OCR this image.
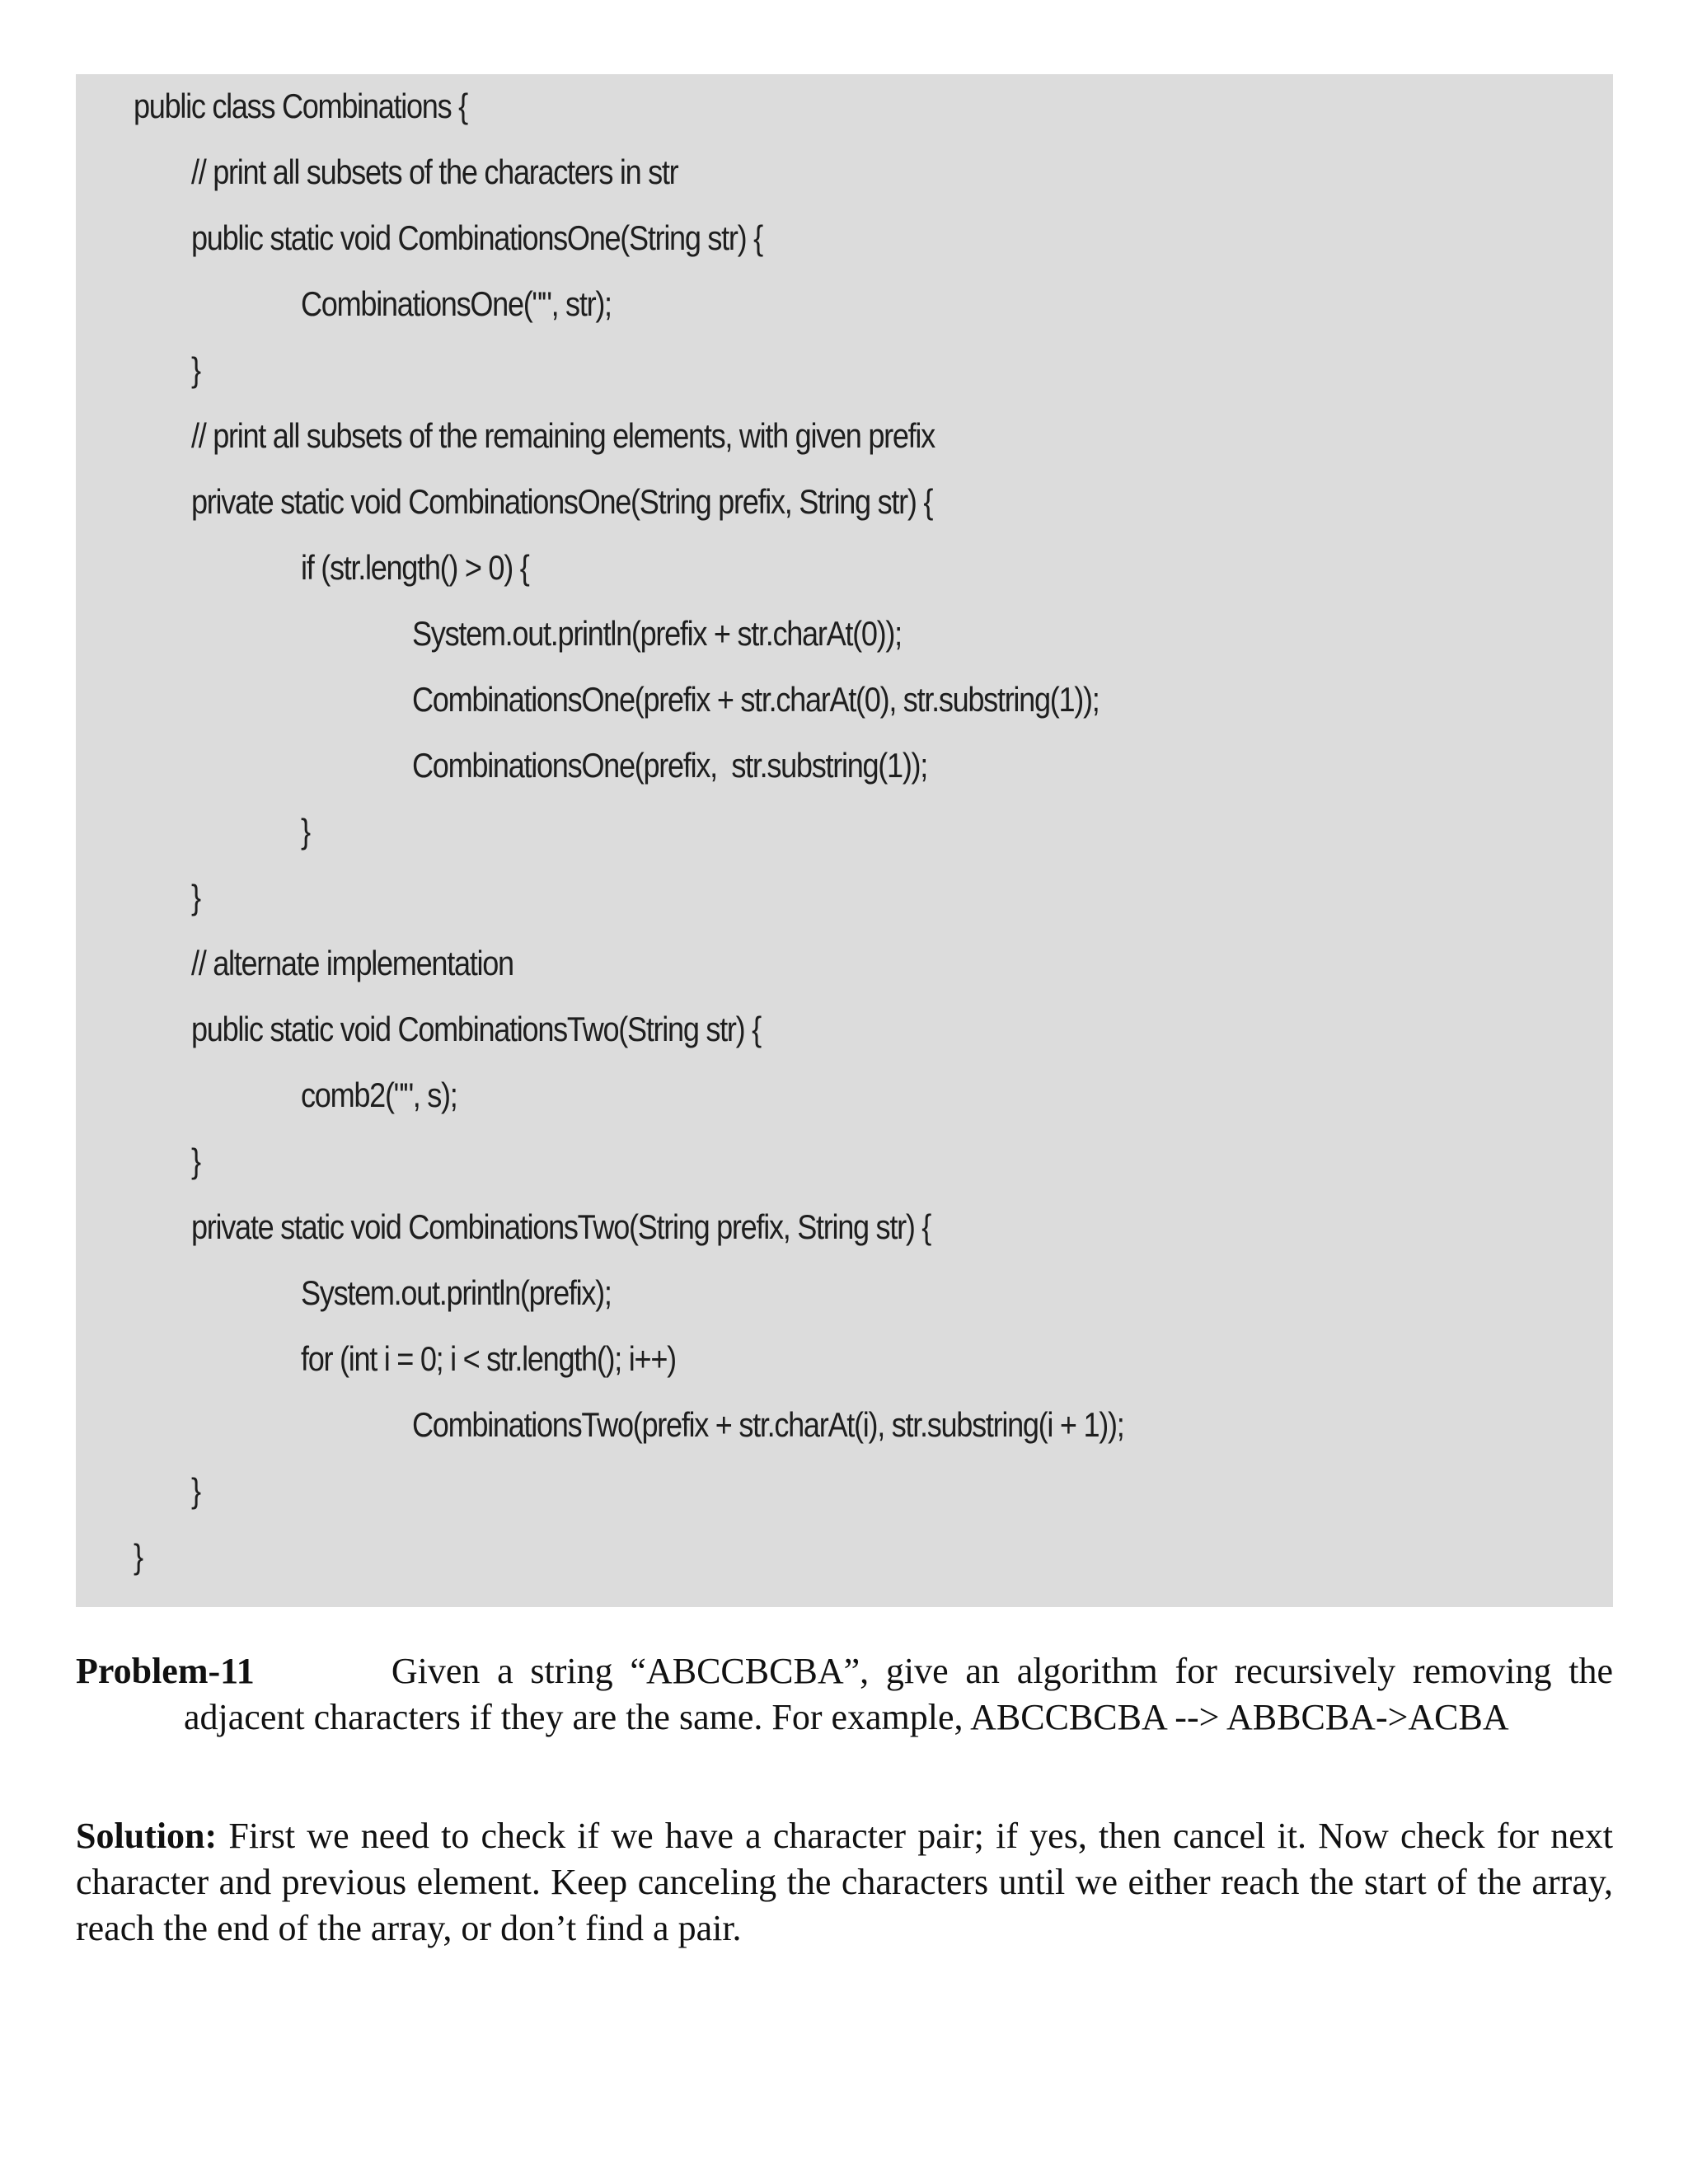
public class Combinations {
// print all subsets of the characters in str
public static void CombinationsOne(String str) {
CombinationsOne("", str);
}
// print all subsets of the remaining elements, with given prefix
private static void CombinationsOne(String prefix, String str) {
if (str.length() > 0) {
System.out.println(prefix + str.charAt(0));
CombinationsOne(prefix + str.charAt(0), str.substring(1));
CombinationsOne(prefix,  str.substring(1));
}
}
// alternate implementation
public static void CombinationsTwo(String str) {
comb2("", s);
}
private static void CombinationsTwo(String prefix, String str) {
System.out.println(prefix);
for (int i = 0; i < str.length(); i++)
CombinationsTwo(prefix + str.charAt(i), str.substring(i + 1));
}
}
Problem-11	Given a string “ABCCBCBA”, give an algorithm for recursively removing the
adjacent characters if they are the same. For example, ABCCBCBA --> ABBCBA->ACBA
Solution: First we need to check if we have a character pair; if yes, then cancel it. Now check for next character and previous element. Keep canceling the characters until we either reach the start of the array, reach the end of the array, or don’t find a pair.
